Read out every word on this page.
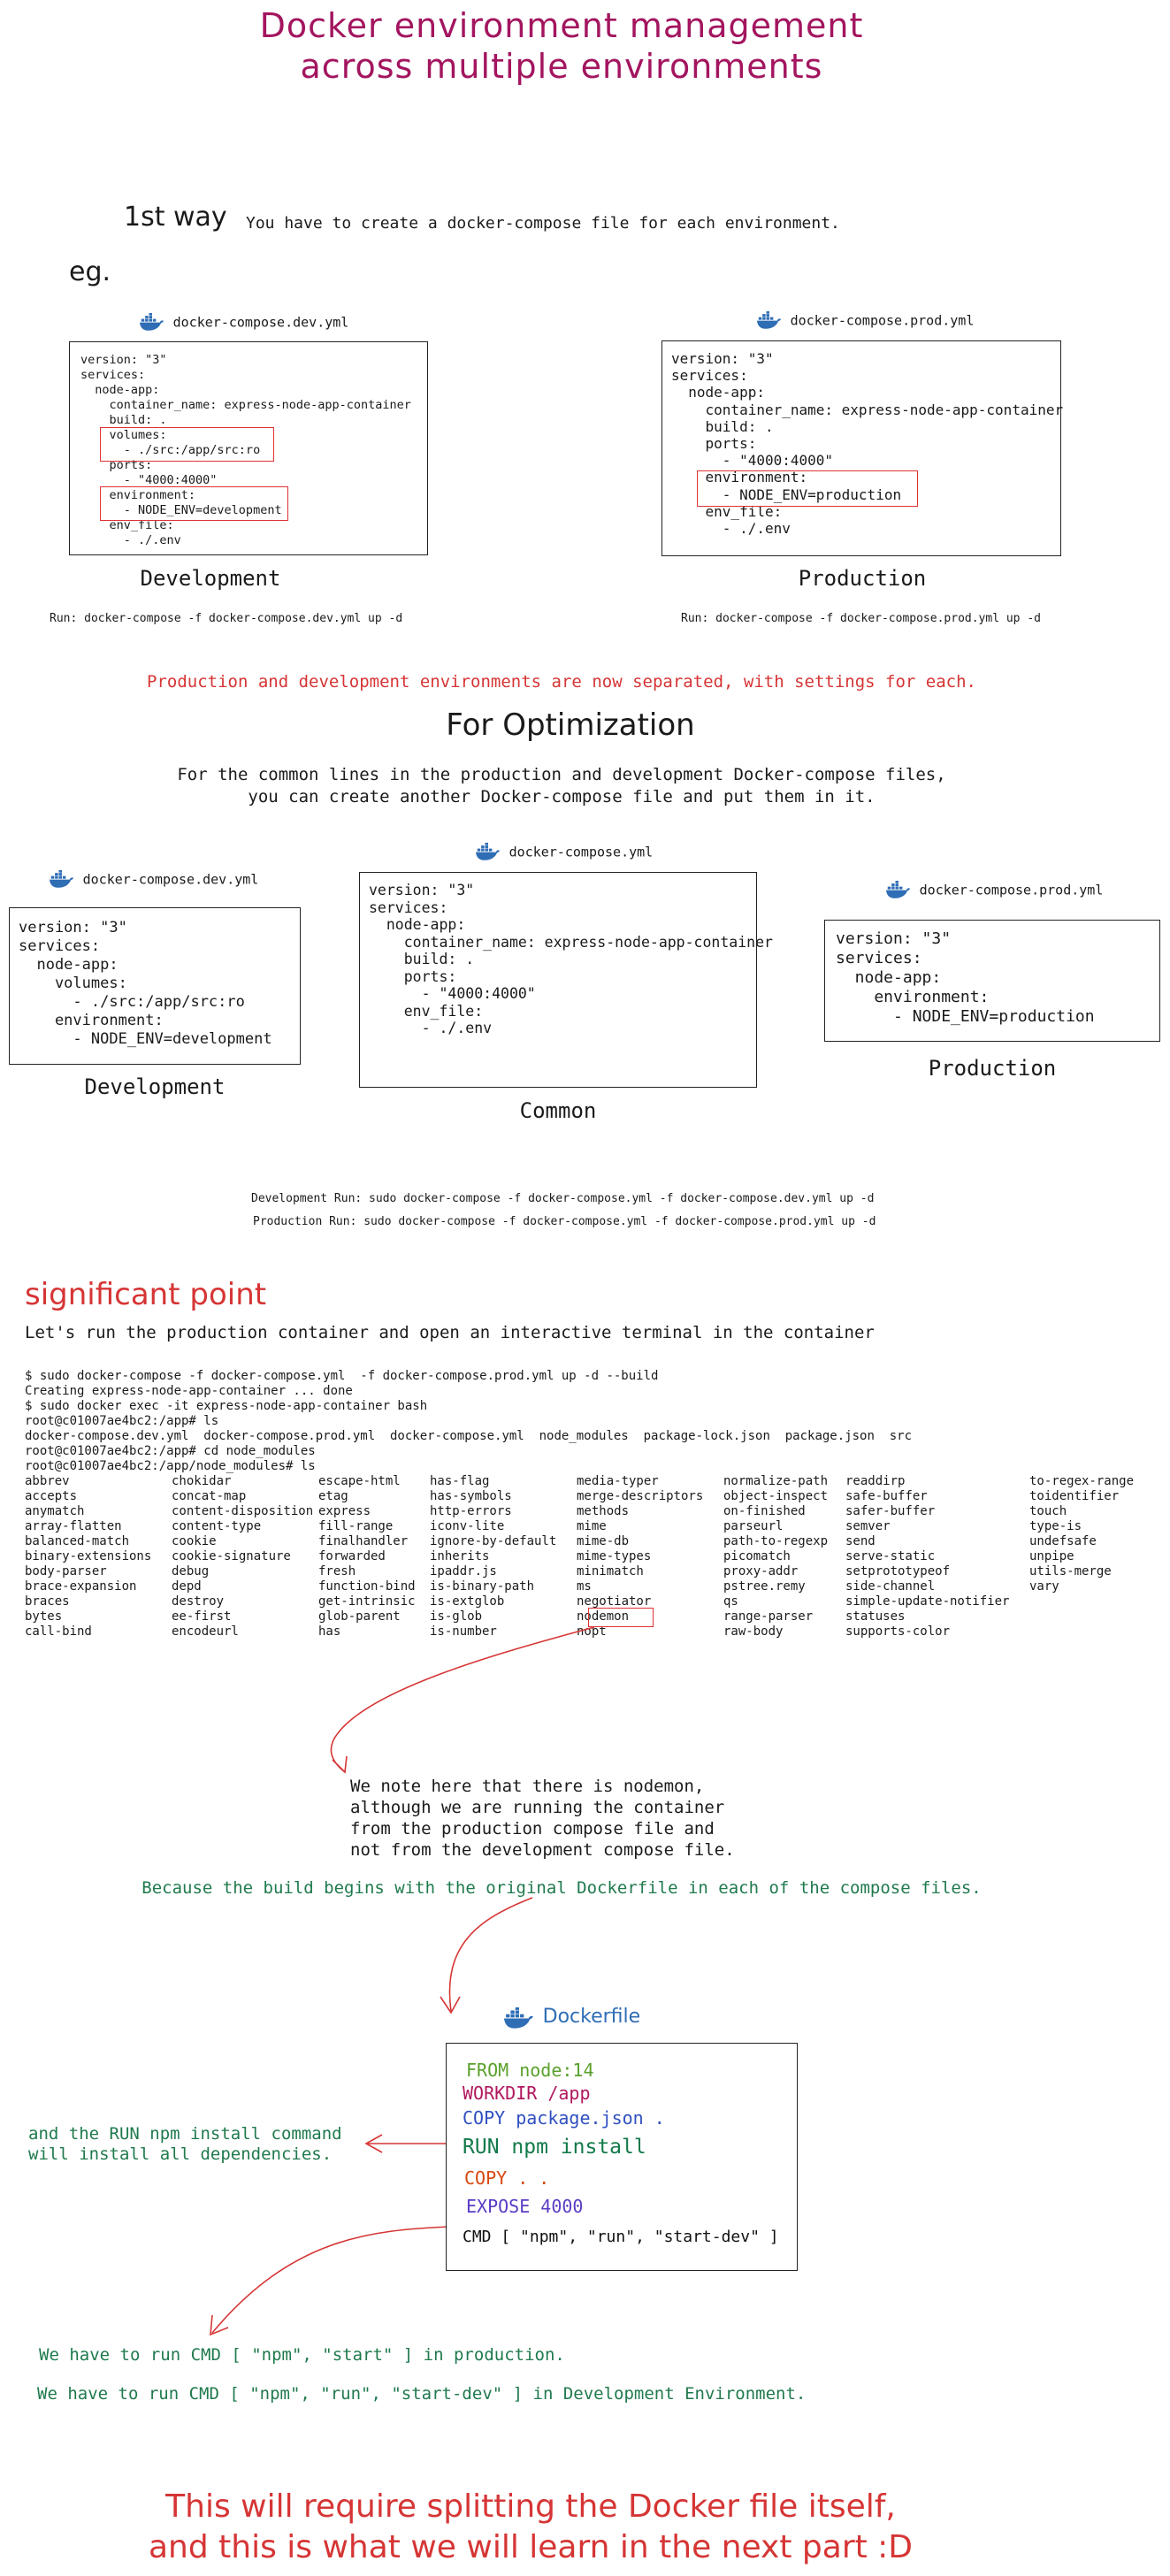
Docker environment management
across multiple environments
1st way You have to create a docker-compose file for each environment.
eg.
docker-compose.dev.yml
version: "3"
services:
node-app:
container_name: express-node-app-container
build: .
volumes:
- ./src:/app/src:ro
ports:
- "4000:4000"
environment:
- NODE_ENV=development
env_file:
- ./.env
Development
Run: docker-compose -f docker-compose.dev.yml up -d
docker-compose.prod.yml
version: "3"
services:
node-app:
container_name: express-node-app-container
build: .
ports:
- "4000:4000"
environment:
- NODE_ENV=production
env_file:
- ./.env
Production
Run: docker-compose -f docker-compose.prod.yml up -d
Production and development environments are now separated, with settings for each.
For Optimization
For the common lines in the production and development Docker-compose files,
you can create another Docker-compose file and put them in it.
docker-compose.dev.yml
version: "3"
services:
node-app:
volumes:
- ./src:/app/src:ro
environment:
- NODE_ENV=development
Development
docker-compose.yml
version: "3"
services:
node-app:
container_name: express-node-app-container
build: .
ports:
- "4000:4000"
env_file:
- ./.env
Common
docker-compose.prod.yml
version: "3"
services:
node-app:
environment:
- NODE_ENV=production
Production
Development Run: sudo docker-compose -f docker-compose.yml -f docker-compose.dev.yml up -d
Production Run: sudo docker-compose -f docker-compose.yml -f docker-compose.prod.yml up -d
significant point
Let's run the production container and open an interactive terminal in the container
$ sudo docker-compose -f docker-compose.yml  -f docker-compose.prod.yml up -d --build
Creating express-node-app-container ... done
$ sudo docker exec -it express-node-app-container bash
root@c01007ae4bc2:/app# ls
docker-compose.dev.yml  docker-compose.prod.yml  docker-compose.yml  node_modules  package-lock.json  package.json  src
root@c01007ae4bc2:/app# cd node_modules
root@c01007ae4bc2:/app/node_modules# ls
abbrev	chokidar	escape-html	has-flag	media-typer	normalize-path	readdirp	to-regex-range
accepts	concat-map	etag	has-symbols	merge-descriptors	object-inspect	safe-buffer	toidentifier
anymatch	content-disposition express	http-errors	methods	on-finished	safer-buffer	touch
array-flatten	content-type	fill-range	iconv-lite	mime	parseurl	semver	type-is
balanced-match	cookie	finalhandler	ignore-by-default	mime-db	path-to-regexp	send	undefsafe
binary-extensions	cookie-signature	forwarded	inherits	mime-types	picomatch	serve-static	unpipe
body-parser	debug	fresh	ipaddr.js	minimatch	proxy-addr	setprototypeof	utils-merge
brace-expansion	depd	function-bind	is-binary-path	ms	pstree.remy	side-channel	vary
braces	destroy	get-intrinsic	is-extglob	negotiator	qs	simple-update-notifier
bytes	ee-first	glob-parent	is-glob	nodemon	range-parser	statuses
call-bind	encodeurl	has	is-number	nopt	raw-body	supports-color
We note here that there is nodemon,
although we are running the container
from the production compose file and
not from the development compose file.
Because the build begins with the original Dockerfile in each of the compose files.
Dockerfile
FROM node:14
WORKDIR /app
COPY package.json .
RUN npm install
COPY . .
EXPOSE 4000
CMD [ "npm", "run", "start-dev" ]
and the RUN npm install command
will install all dependencies.
We have to run CMD [ "npm", "start" ] in production.
We have to run CMD [ "npm", "run", "start-dev" ] in Development Environment.
This will require splitting the Docker file itself,
and this is what we will learn in the next part :D
